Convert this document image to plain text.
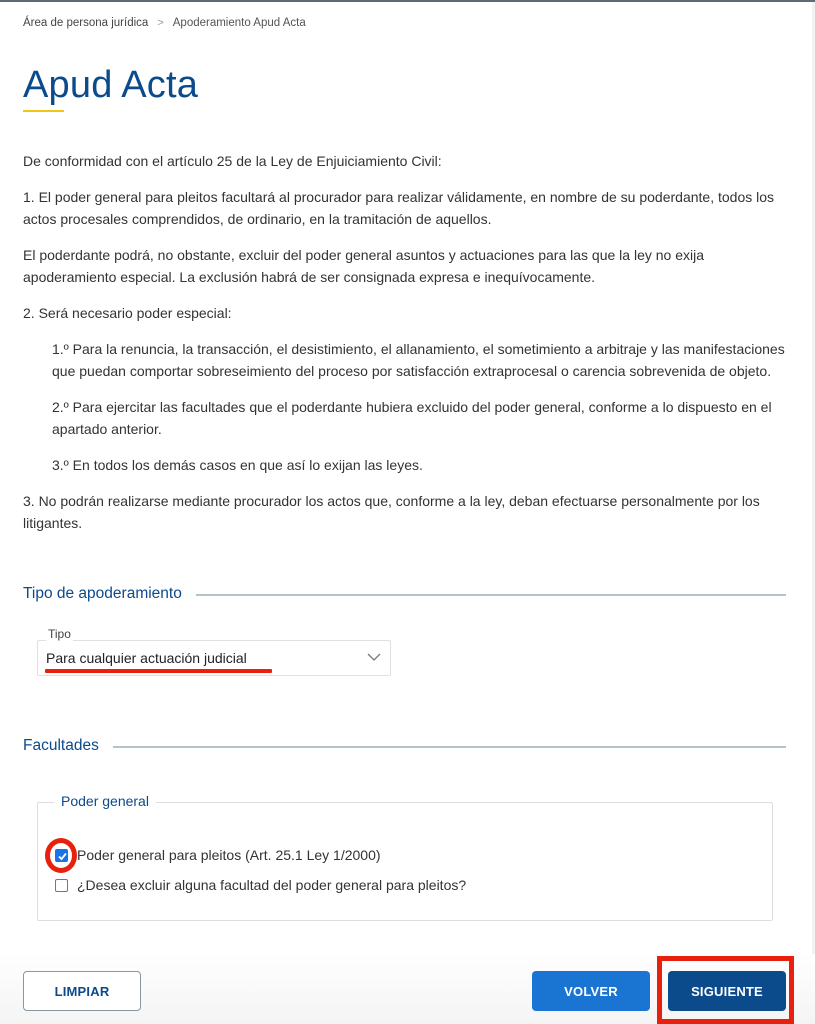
Área de persona jurídica > Apoderamiento Apud Acta
Apud Acta

De conformidad con el artículo 25 de la Ley de Enjuiciamiento Civil:

1. El poder general para pleitos facultará al procurador para realizar válidamente, en nombre de su poderdante, todos los actos procesales comprendidos, de ordinario, en la tramitación de aquellos.

El poderdante podrá, no obstante, excluir del poder general asuntos y actuaciones para las que la ley no exija apoderamiento especial. La exclusión habrá de ser consignada expresa e inequívocamente.

2. Será necesario poder especial:

1.º Para la renuncia, la transacción, el desistimiento, el allanamiento, el sometimiento a arbitraje y las manifestaciones que puedan comportar sobreseimiento del proceso por satisfacción extraprocesal o carencia sobrevenida de objeto.

2.º Para ejercitar las facultades que el poderdante hubiera excluido del poder general, conforme a lo dispuesto en el apartado anterior.

3.º En todos los demás casos en que así lo exijan las leyes.

3. No podrán realizarse mediante procurador los actos que, conforme a la ley, deban efectuarse personalmente por los litigantes.

Tipo de apoderamiento
Para cualquier actuación judicial
Tipo
Facultades
Poder general
Poder general para pleitos (Art. 25.1 Ley 1/2000)
¿Desea excluir alguna facultad del poder general para pleitos?
LIMPIAR	VOLVER	SIGUIENTE
